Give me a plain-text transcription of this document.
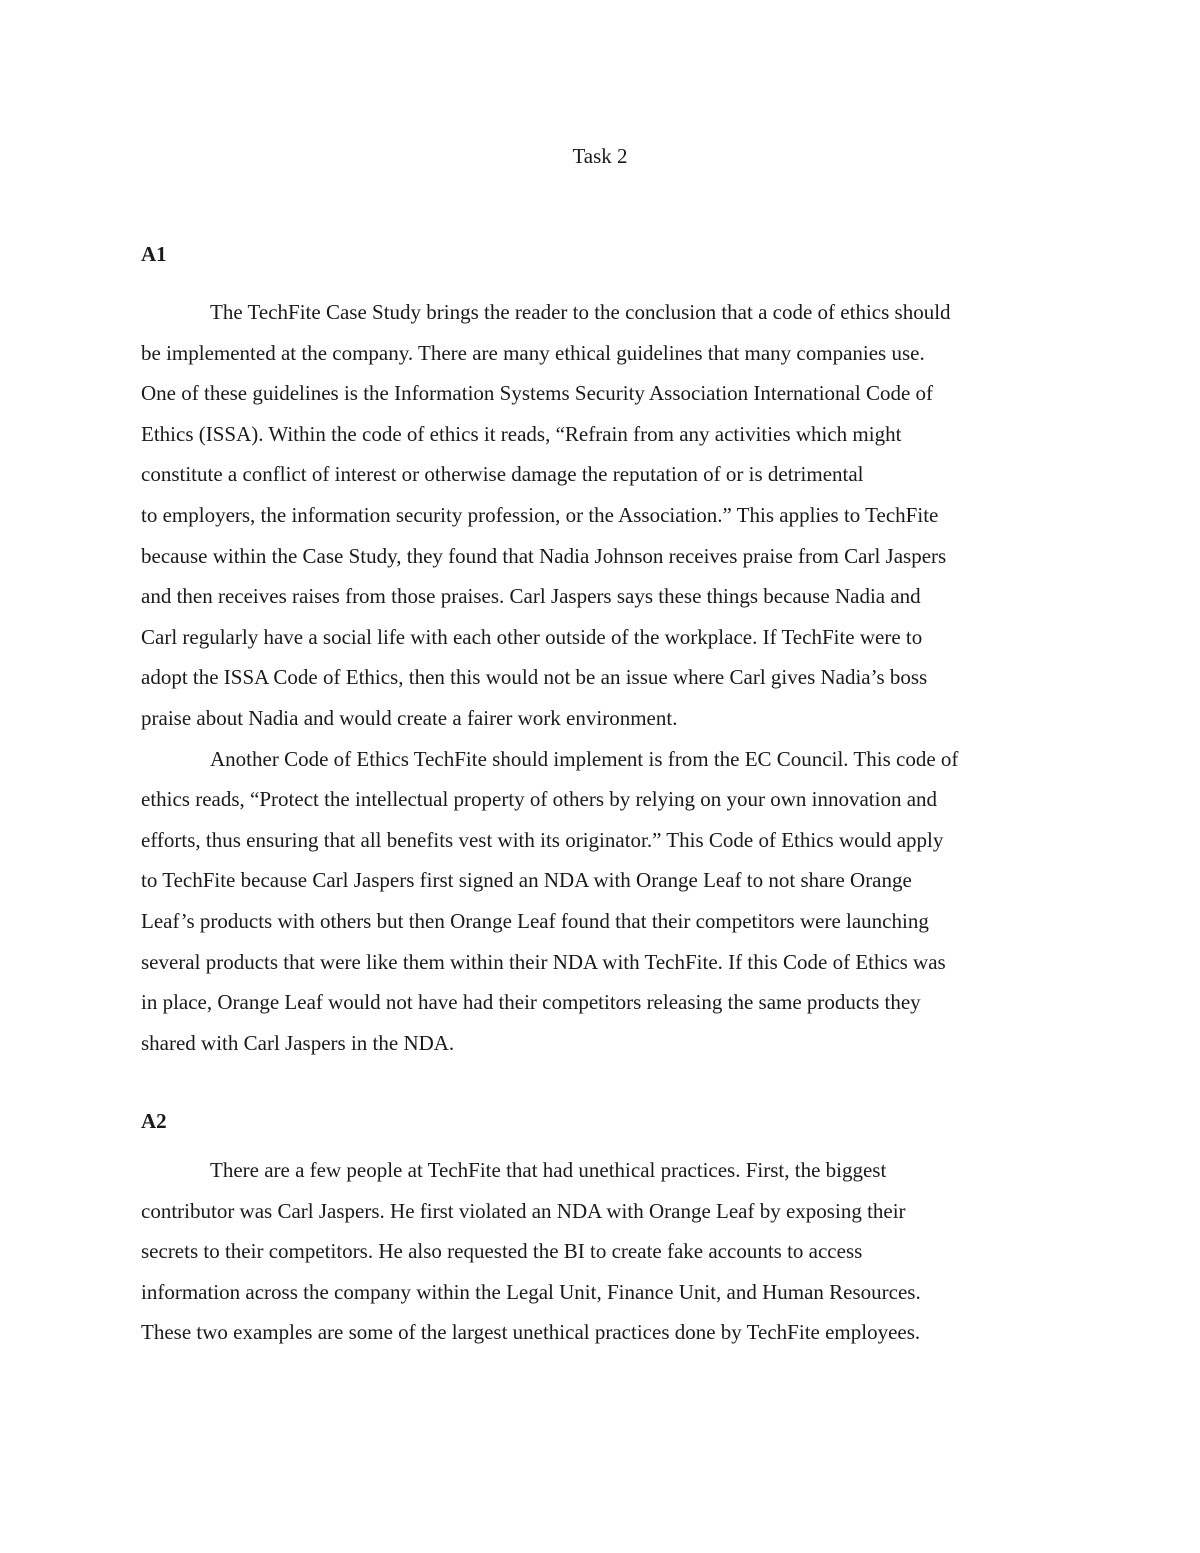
Task 2
A1
The TechFite Case Study brings the reader to the conclusion that a code of ethics should
be implemented at the company. There are many ethical guidelines that many companies use.
One of these guidelines is the Information Systems Security Association International Code of
Ethics (ISSA). Within the code of ethics it reads, “Refrain from any activities which might
constitute a conflict of interest or otherwise damage the reputation of or is detrimental
to employers, the information security profession, or the Association.” This applies to TechFite
because within the Case Study, they found that Nadia Johnson receives praise from Carl Jaspers
and then receives raises from those praises. Carl Jaspers says these things because Nadia and
Carl regularly have a social life with each other outside of the workplace. If TechFite were to
adopt the ISSA Code of Ethics, then this would not be an issue where Carl gives Nadia’s boss
praise about Nadia and would create a fairer work environment.
Another Code of Ethics TechFite should implement is from the EC Council. This code of
ethics reads, “Protect the intellectual property of others by relying on your own innovation and
efforts, thus ensuring that all benefits vest with its originator.” This Code of Ethics would apply
to TechFite because Carl Jaspers first signed an NDA with Orange Leaf to not share Orange
Leaf’s products with others but then Orange Leaf found that their competitors were launching
several products that were like them within their NDA with TechFite. If this Code of Ethics was
in place, Orange Leaf would not have had their competitors releasing the same products they
shared with Carl Jaspers in the NDA.
A2
There are a few people at TechFite that had unethical practices. First, the biggest
contributor was Carl Jaspers. He first violated an NDA with Orange Leaf by exposing their
secrets to their competitors. He also requested the BI to create fake accounts to access
information across the company within the Legal Unit, Finance Unit, and Human Resources.
These two examples are some of the largest unethical practices done by TechFite employees.
